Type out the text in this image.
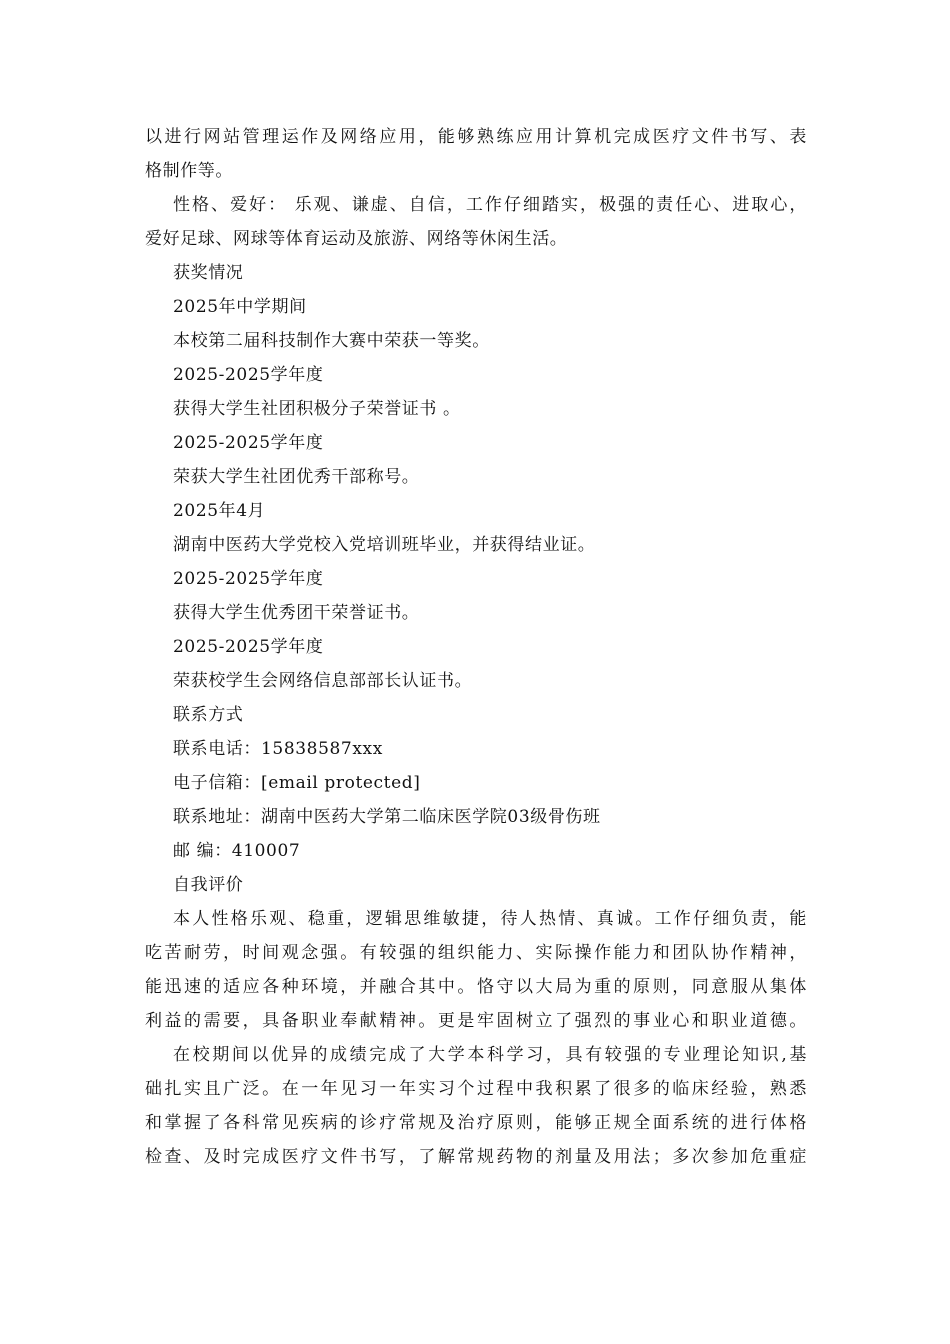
以进行网站管理运作及网络应用，能够熟练应用计算机完成医疗文件书写、表
格制作等。
性格、爱好： 乐观、谦虚、自信，工作仔细踏实，极强的责任心、进取心，
爱好足球、网球等体育运动及旅游、网络等休闲生活。
获奖情况
2025年中学期间
本校第二届科技制作大赛中荣获一等奖。
2025-2025学年度
获得大学生社团积极分子荣誉证书 。
2025-2025学年度
荣获大学生社团优秀干部称号。
2025年4月
湖南中医药大学党校入党培训班毕业，并获得结业证。
2025-2025学年度
获得大学生优秀团干荣誉证书。
2025-2025学年度
荣获校学生会网络信息部部长认证书。
联系方式
联系电话：15838587xxx
电子信箱：[email protected]
联系地址：湖南中医药大学第二临床医学院03级骨伤班
邮 编：410007
自我评价
本人性格乐观、稳重，逻辑思维敏捷，待人热情、真诚。工作仔细负责，能
吃苦耐劳，时间观念强。有较强的组织能力、实际操作能力和团队协作精神，
能迅速的适应各种环境，并融合其中。恪守以大局为重的原则，同意服从集体
利益的需要，具备职业奉献精神。更是牢固树立了强烈的事业心和职业道德。
在校期间以优异的成绩完成了大学本科学习，具有较强的专业理论知识,基
础扎实且广泛。在一年见习一年实习个过程中我积累了很多的临床经验，熟悉
和掌握了各科常见疾病的诊疗常规及治疗原则，能够正规全面系统的进行体格
检查、及时完成医疗文件书写，了解常规药物的剂量及用法；多次参加危重症
